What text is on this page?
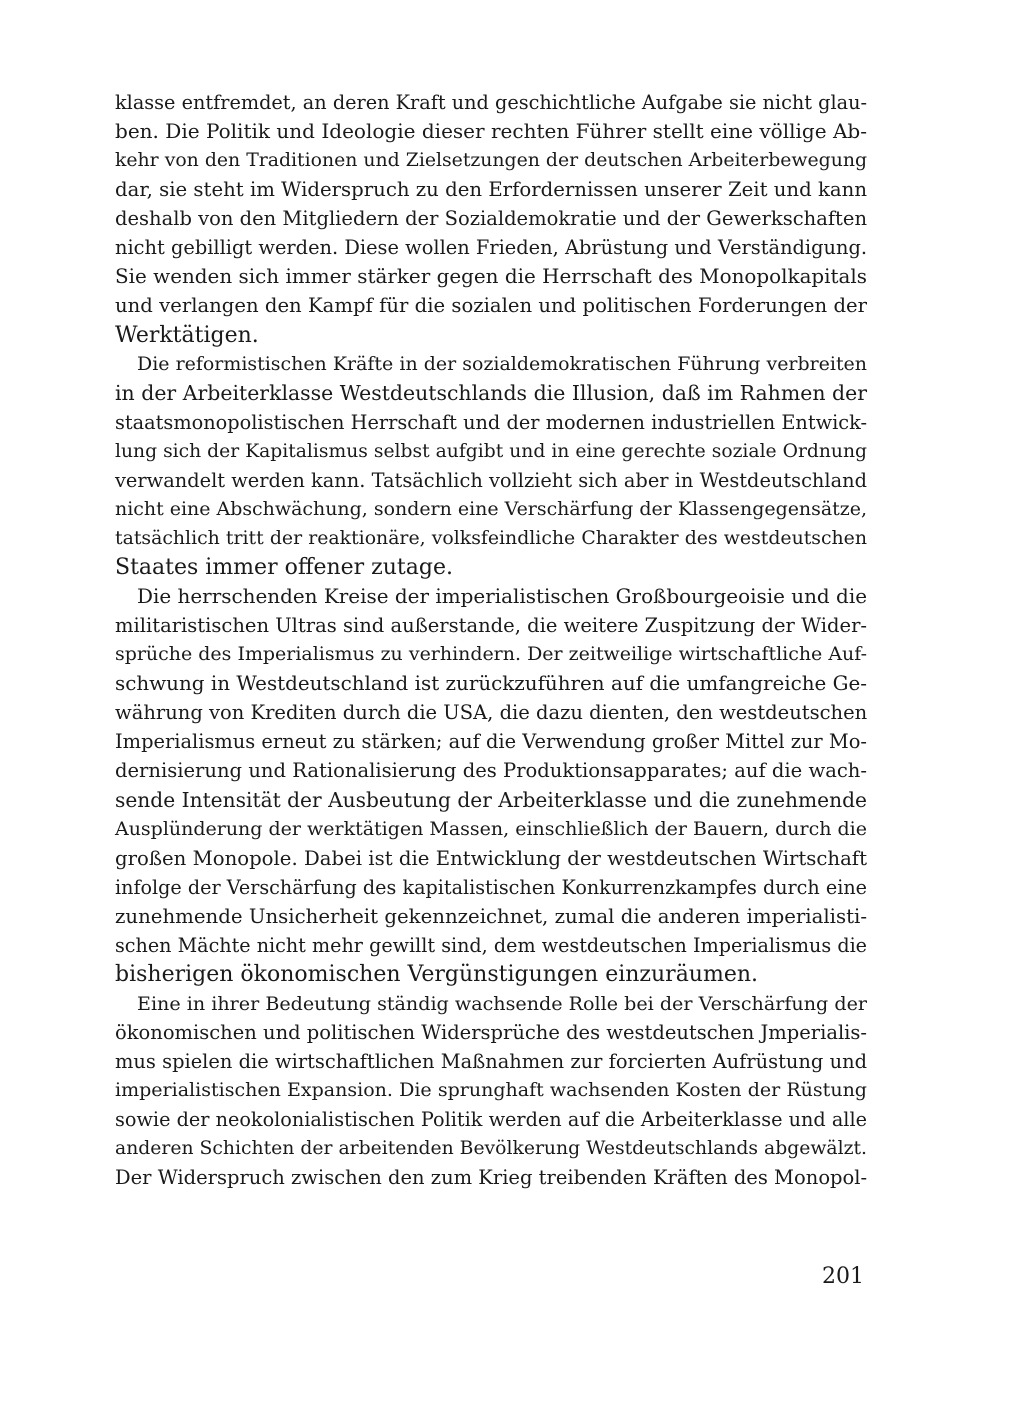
klasse entfremdet, an deren Kraft und geschichtliche Aufgabe sie nicht glau-
ben. Die Politik und Ideologie dieser rechten Führer stellt eine völlige Ab-
kehr von den Traditionen und Zielsetzungen der deutschen Arbeiterbewegung
dar, sie steht im Widerspruch zu den Erfordernissen unserer Zeit und kann
deshalb von den Mitgliedern der Sozialdemokratie und der Gewerkschaften
nicht gebilligt werden. Diese wollen Frieden, Abrüstung und Verständigung.
Sie wenden sich immer stärker gegen die Herrschaft des Monopolkapitals
und verlangen den Kampf für die sozialen und politischen Forderungen der
Werktätigen.
Die reformistischen Kräfte in der sozialdemokratischen Führung verbreiten
in der Arbeiterklasse Westdeutschlands die Illusion, daß im Rahmen der
staatsmonopolistischen Herrschaft und der modernen industriellen Entwick-
lung sich der Kapitalismus selbst aufgibt und in eine gerechte soziale Ordnung
verwandelt werden kann. Tatsächlich vollzieht sich aber in Westdeutschland
nicht eine Abschwächung, sondern eine Verschärfung der Klassengegensätze,
tatsächlich tritt der reaktionäre, volksfeindliche Charakter des westdeutschen
Staates immer offener zutage.
Die herrschenden Kreise der imperialistischen Großbourgeoisie und die
militaristischen Ultras sind außerstande, die weitere Zuspitzung der Wider-
sprüche des Imperialismus zu verhindern. Der zeitweilige wirtschaftliche Auf-
schwung in Westdeutschland ist zurückzuführen auf die umfangreiche Ge-
währung von Krediten durch die USA, die dazu dienten, den westdeutschen
Imperialismus erneut zu stärken; auf die Verwendung großer Mittel zur Mo-
dernisierung und Rationalisierung des Produktionsapparates; auf die wach-
sende Intensität der Ausbeutung der Arbeiterklasse und die zunehmende
Ausplünderung der werktätigen Massen, einschließlich der Bauern, durch die
großen Monopole. Dabei ist die Entwicklung der westdeutschen Wirtschaft
infolge der Verschärfung des kapitalistischen Konkurrenzkampfes durch eine
zunehmende Unsicherheit gekennzeichnet, zumal die anderen imperialisti-
schen Mächte nicht mehr gewillt sind, dem westdeutschen Imperialismus die
bisherigen ökonomischen Vergünstigungen einzuräumen.
Eine in ihrer Bedeutung ständig wachsende Rolle bei der Verschärfung der
ökonomischen und politischen Widersprüche des westdeutschen Jmperialis-
mus spielen die wirtschaftlichen Maßnahmen zur forcierten Aufrüstung und
imperialistischen Expansion. Die sprunghaft wachsenden Kosten der Rüstung
sowie der neokolonialistischen Politik werden auf die Arbeiterklasse und alle
anderen Schichten der arbeitenden Bevölkerung Westdeutschlands abgewälzt.
Der Widerspruch zwischen den zum Krieg treibenden Kräften des Monopol-
201
